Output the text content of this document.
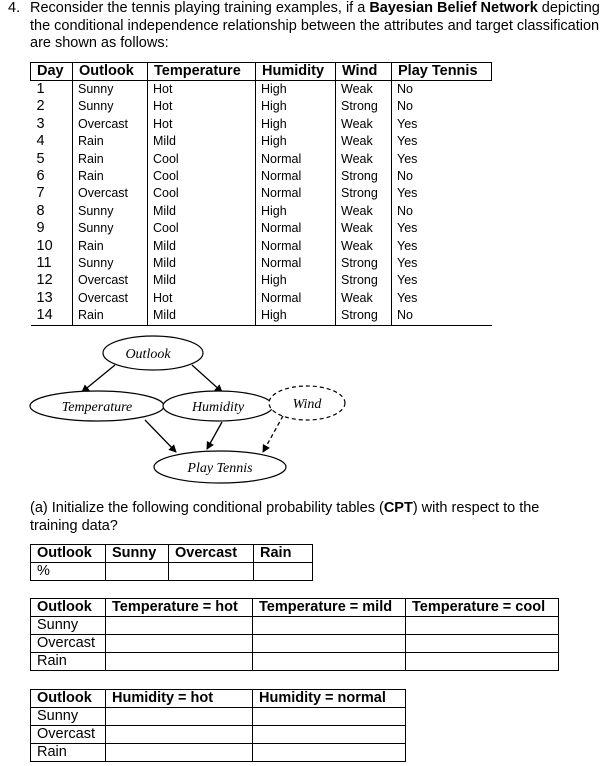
4. Reconsider the tennis playing training examples, if a Bayesian Belief Network depicting the conditional independence relationship between the attributes and target classification are shown as follows:
Day	Outlook	Temperature	Humidity	Wind	Play Tennis
1	Sunny	Hot	High	Weak	No
2	Sunny	Hot	High	Strong	No
3	Overcast	Hot	High	Weak	Yes
4	Rain	Mild	High	Weak	Yes
5	Rain	Cool	Normal	Weak	Yes
6	Rain	Cool	Normal	Strong	No
7	Overcast	Cool	Normal	Strong	Yes
8	Sunny	Mild	High	Weak	No
9	Sunny	Cool	Normal	Weak	Yes
10	Rain	Mild	Normal	Weak	Yes
11	Sunny	Mild	Normal	Strong	Yes
12	Overcast	Mild	High	Strong	Yes
13	Overcast	Hot	Normal	Weak	Yes
14	Rain	Mild	High	Strong	No
Outlook
Temperature	Humidity	Wind
Play Tennis
(a) Initialize the following conditional probability tables (CPT) with respect to the training data?
Outlook	Sunny	Overcast	Rain
%			
Outlook	Temperature = hot	Temperature = mild	Temperature = cool
Sunny			
Overcast			
Rain			
Outlook	Humidity = hot	Humidity = normal
Sunny		
Overcast		
Rain		
